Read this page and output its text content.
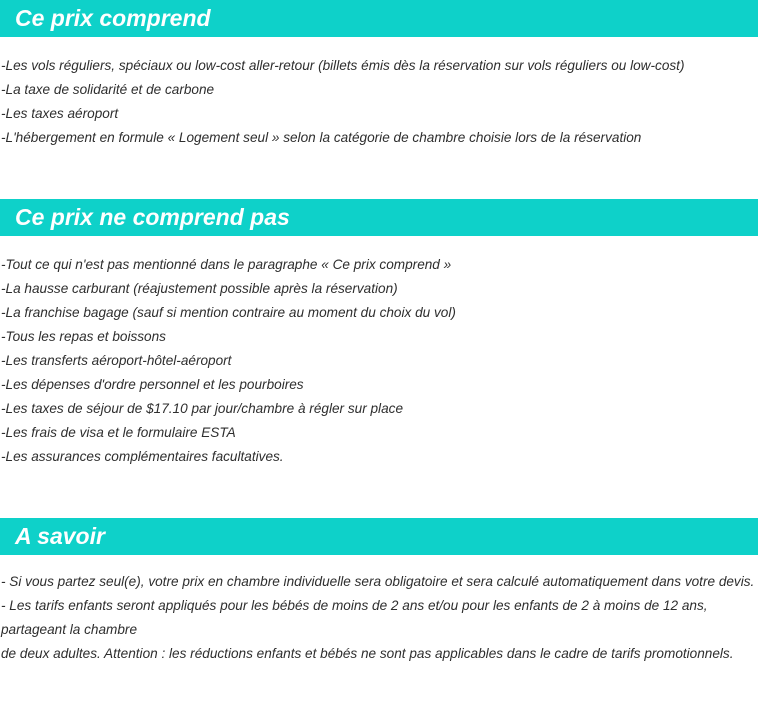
Ce prix comprend
-Les vols réguliers, spéciaux ou low-cost aller-retour (billets émis dès la réservation sur vols réguliers ou low-cost)
-La taxe de solidarité et de carbone
-Les taxes aéroport
-L'hébergement en formule « Logement seul » selon la catégorie de chambre choisie lors de la réservation
Ce prix ne comprend pas
-Tout ce qui n'est pas mentionné dans le paragraphe « Ce prix comprend »
-La hausse carburant (réajustement possible après la réservation)
-La franchise bagage (sauf si mention contraire au moment du choix du vol)
-Tous les repas et boissons
-Les transferts aéroport-hôtel-aéroport
-Les dépenses d'ordre personnel et les pourboires
-Les taxes de séjour de $17.10 par jour/chambre à régler sur place
-Les frais de visa et le formulaire ESTA
-Les assurances complémentaires facultatives.
A savoir
- Si vous partez seul(e), votre prix en chambre individuelle sera obligatoire et sera calculé automatiquement dans votre devis.
- Les tarifs enfants seront appliqués pour les bébés de moins de 2 ans et/ou pour les enfants de 2 à moins de 12 ans, partageant la chambre
de deux adultes. Attention : les réductions enfants et bébés ne sont pas applicables dans le cadre de tarifs promotionnels.
